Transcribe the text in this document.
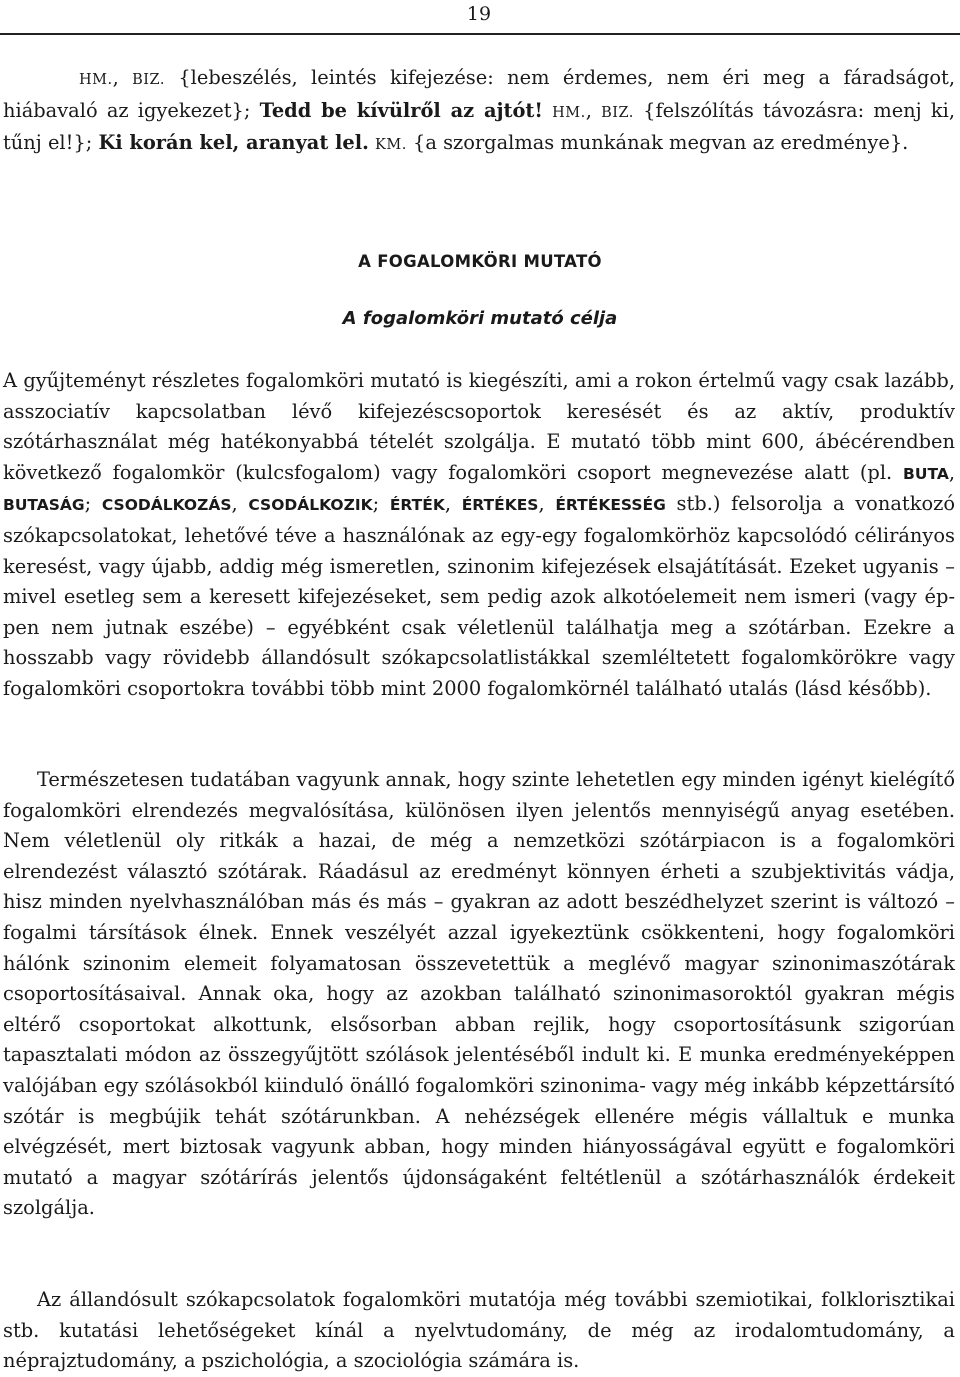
19

HM., BIZ. {lebeszélés, leintés kifejezése: nem érdemes, nem éri meg a fáradságot, hiábavaló az igyekezet}; Tedd be kívülről az ajtót! HM., BIZ. {felszólítás távozásra: menj ki, tűnj el!}; Ki korán kel, aranyat lel. KM. {a szorgalmas munkának megvan az eredménye}.

A FOGALOMKÖRI MUTATÓ
A fogalomköri mutató célja

A gyűjteményt részletes fogalomköri mutató is kiegészíti, ami a rokon értelmű vagy csak lazább, asszociatív kapcsolatban lévő kifejezéscsoportok keresését és az aktív, produktív szótárhasználat még hatékonyabbá tételét szolgálja. E mutató több mint 600, ábécérendben következő fogalomkör (kulcsfogalom) vagy fogalomköri csoport megnevezése alatt (pl. BUTA, BUTASÁG; CSODÁLKOZÁS, CSODÁLKOZIK; ÉRTÉK, ÉRTÉKES, ÉRTÉKESSÉG stb.) felsorolja a vonatkozó szókapcsolatokat, lehetővé téve a használónak az egy-egy fogalomkörhöz kapcsolódó célirányos keresést, vagy újabb, addig még ismeretlen, szinonim kifejezések elsajátítását. Ezeket ugyanis – mivel esetleg sem a keresett kifejezéseket, sem pedig azok alkotóelemeit nem ismeri (vagy éppen nem jutnak eszébe) – egyébként csak véletlenül találhatja meg a szótárban. Ezekre a hosszabb vagy rövidebb állandósult szókapcsolatlistákkal szemléltetett fogalomkörökre vagy fogalomköri csoportokra további több mint 2000 fogalomkörnél található utalás (lásd később).

Természetesen tudatában vagyunk annak, hogy szinte lehetetlen egy minden igényt kielégítő fogalomköri elrendezés megvalósítása, különösen ilyen jelentős mennyiségű anyag esetében. Nem véletlenül oly ritkák a hazai, de még a nemzetközi szótárpiacon is a fogalomköri elrendezést választó szótárak. Ráadásul az eredményt könnyen érheti a szubjektivitás vádja, hisz minden nyelvhasználóban más és más – gyakran az adott beszédhelyzet szerint is változó – fogalmi társítások élnek. Ennek veszélyét azzal igyekeztünk csökkenteni, hogy fogalomköri hálónk szinonim elemeit folyamatosan összevetettük a meglévő magyar szinonimaszótárak csoportosításaival. Annak oka, hogy az azokban található szinonimasoroktól gyakran mégis eltérő csoportokat alkottunk, elsősorban abban rejlik, hogy csoportosításunk szigorúan tapasztalati módon az összegyűjtött szólások jelentéséből indult ki. E munka eredményeképpen valójában egy szólásokból kiinduló önálló fogalomköri szinonima- vagy még inkább képzettársító szótár is megbújik tehát szótárunkban. A nehézségek ellenére mégis vállaltuk e munka elvégzését, mert biztosak vagyunk abban, hogy minden hiányosságával együtt e fogalomköri mutató a magyar szótárírás jelentős újdonságaként feltétlenül a szótárhasználók érdekeit szolgálja.

Az állandósult szókapcsolatok fogalomköri mutatója még további szemiotikai, folklorisztikai stb. kutatási lehetőségeket kínál a nyelvtudomány, de még az irodalomtudomány, a néprajztudomány, a pszichológia, a szociológia számára is.
